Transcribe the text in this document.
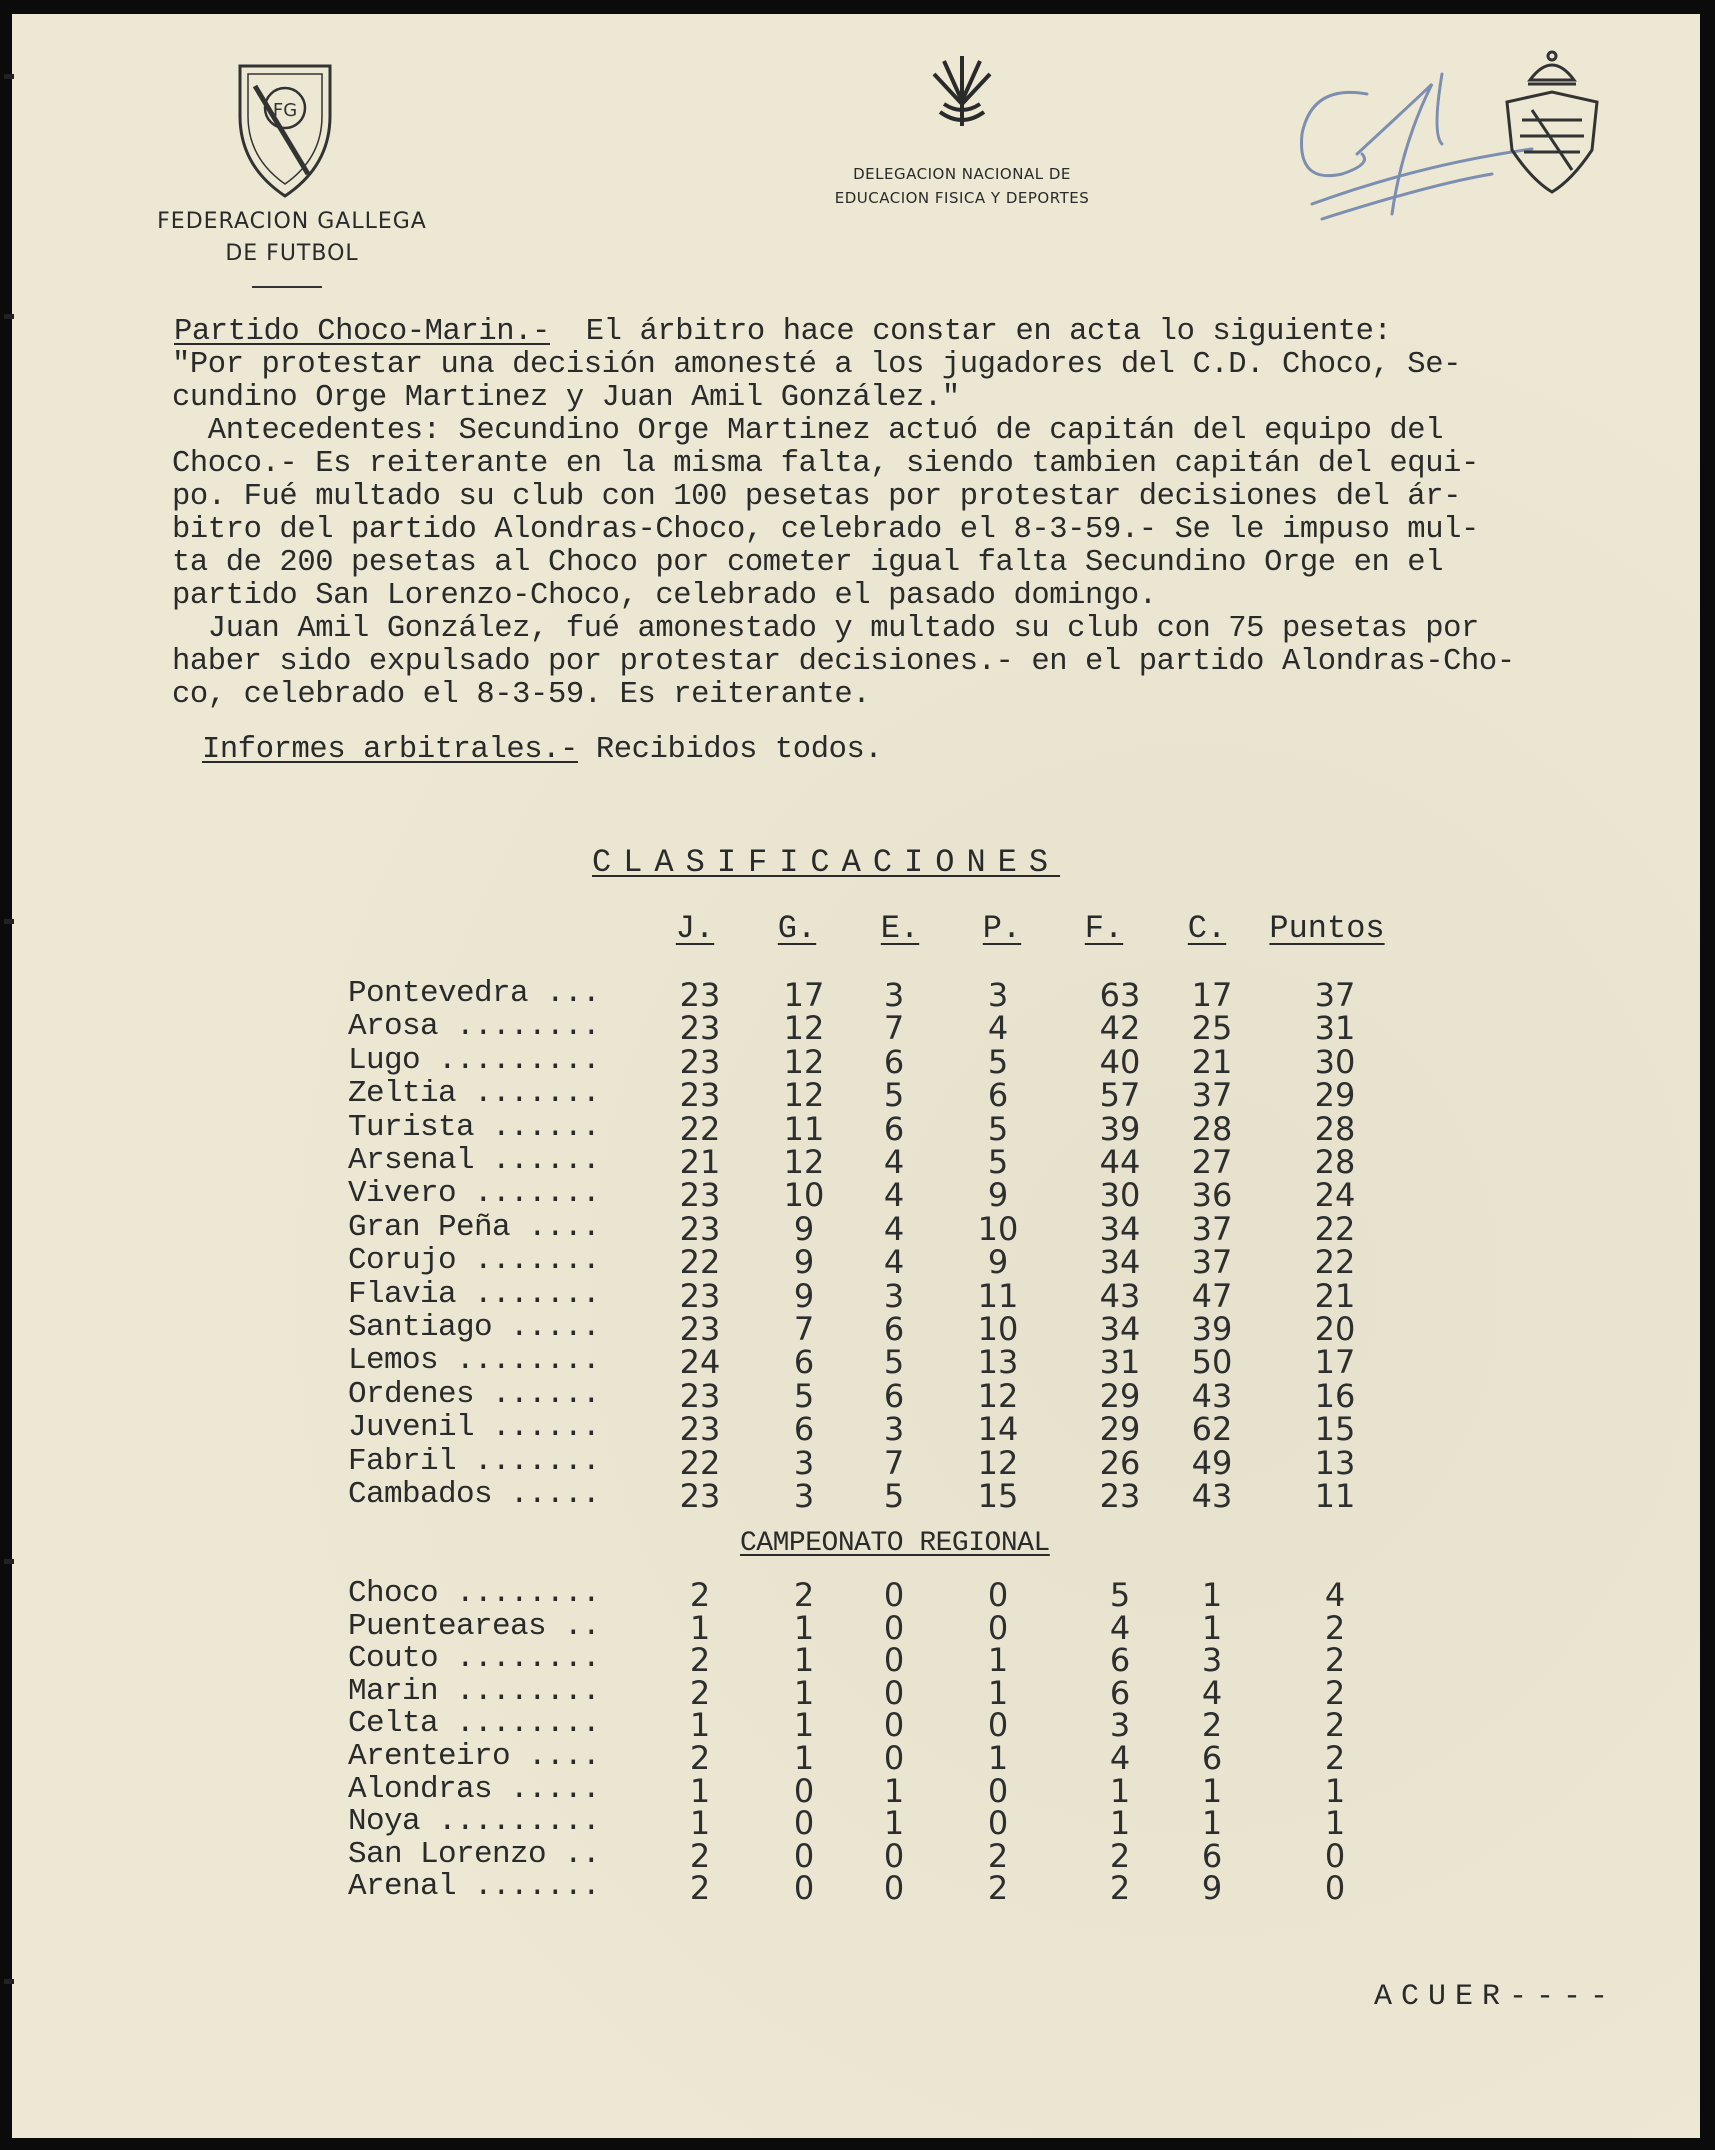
FG
FEDERACION GALLEGA
DE FUTBOL
DELEGACION NACIONAL DE
EDUCACION FISICA Y DEPORTES
Partido Choco-Marin.-  El árbitro hace constar en acta lo siguiente:
"Por protestar una decisión amonesté a los jugadores del C.D. Choco, Se-
cundino Orge Martinez y Juan Amil González."
Antecedentes: Secundino Orge Martinez actuó de capitán del equipo del
Choco.- Es reiterante en la misma falta, siendo tambien capitán del equi-
po. Fué multado su club con 100 pesetas por protestar decisiones del ár-
bitro del partido Alondras-Choco, celebrado el 8-3-59.- Se le impuso mul-
ta de 200 pesetas al Choco por cometer igual falta Secundino Orge en el
partido San Lorenzo-Choco, celebrado el pasado domingo.
Juan Amil González, fué amonestado y multado su club con 75 pesetas por
haber sido expulsado por protestar decisiones.- en el partido Alondras-Cho-
co, celebrado el 8-3-59. Es reiterante.
Informes arbitrales.- Recibidos todos.
CLASIFICACIONES
J.	G.	E.	P.	F.	C.	Puntos
Pontevedra ...	23	17	3	3	63	17	37
Arosa ........	23	12	7	4	42	25	31
Lugo .........	23	12	6	5	40	21	30
Zeltia .......	23	12	5	6	57	37	29
Turista ......	22	11	6	5	39	28	28
Arsenal ......	21	12	4	5	44	27	28
Vivero .......	23	10	4	9	30	36	24
Gran Peña ....	23	9	4	10	34	37	22
Corujo .......	22	9	4	9	34	37	22
Flavia .......	23	9	3	11	43	47	21
Santiago .....	23	7	6	10	34	39	20
Lemos ........	24	6	5	13	31	50	17
Ordenes ......	23	5	6	12	29	43	16
Juvenil ......	23	6	3	14	29	62	15
Fabril .......	22	3	7	12	26	49	13
Cambados .....	23	3	5	15	23	43	11
CAMPEONATO REGIONAL
Choco ........	2	2	0	0	5	1	4
Puenteareas ..	1	1	0	0	4	1	2
Couto ........	2	1	0	1	6	3	2
Marin ........	2	1	0	1	6	4	2
Celta ........	1	1	0	0	3	2	2
Arenteiro ....	2	1	0	1	4	6	2
Alondras .....	1	0	1	0	1	1	1
Noya .........	1	0	1	0	1	1	1
San Lorenzo ..	2	0	0	2	2	6	0
Arenal .......	2	0	0	2	2	9	0
ACUER----
